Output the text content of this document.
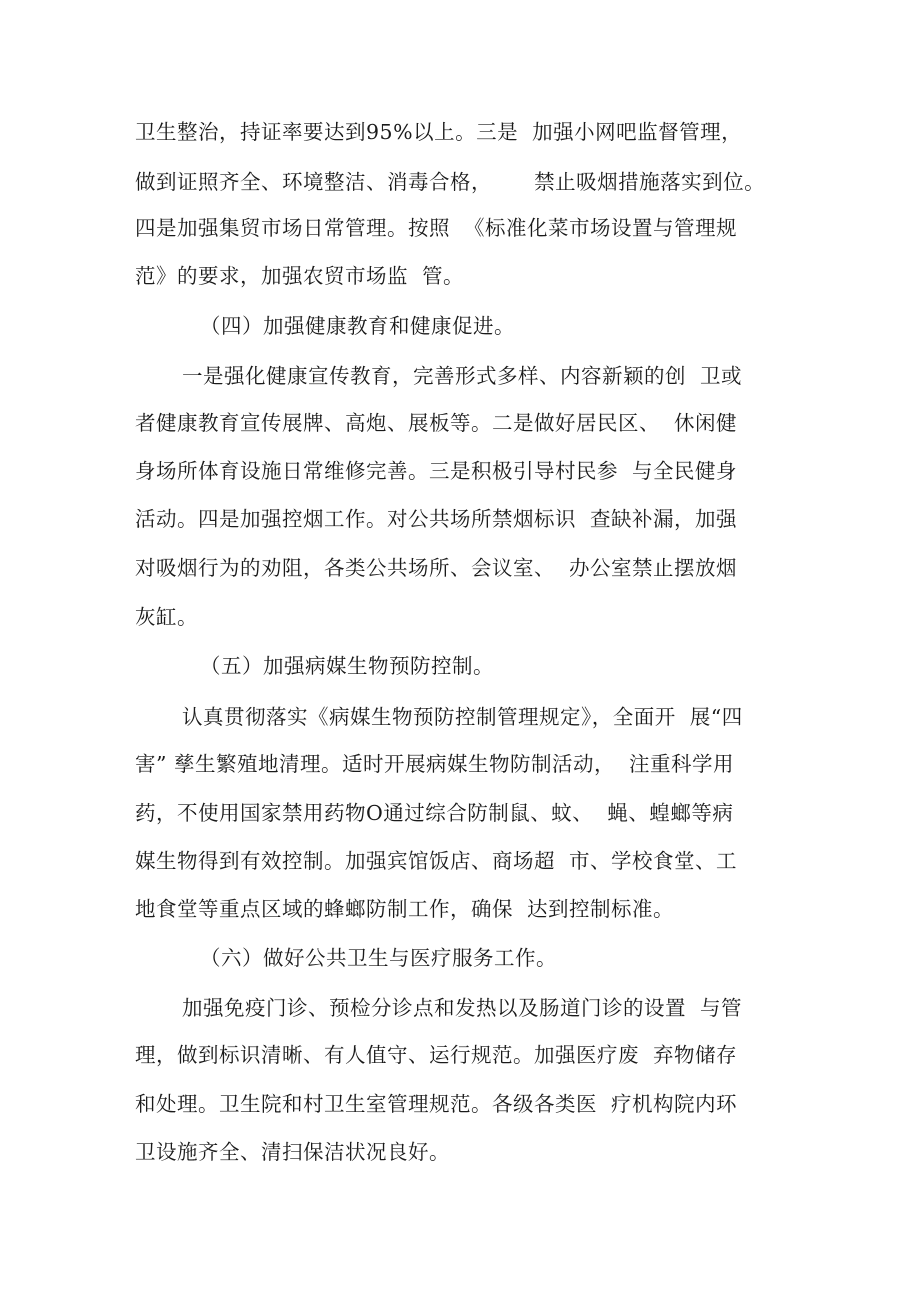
卫生整治，持证率要达到95%以上。三是  加强小网吧监督管理，
做到证照齐全、环境整洁、消毒合格，      禁止吸烟措施落实到位。
四是加强集贸市场日常管理。按照  《标准化菜市场设置与管理规
范》的要求，加强农贸市场监  管。
（四）加强健康教育和健康促进。
一是强化健康宣传教育，完善形式多样、内容新颖的创  卫或
者健康教育宣传展牌、高炮、展板等。二是做好居民区、  休闲健
身场所体育设施日常维修完善。三是积极引导村民参  与全民健身
活动。四是加强控烟工作。对公共场所禁烟标识  查缺补漏，加强
对吸烟行为的劝阻，各类公共场所、会议室、  办公室禁止摆放烟
灰缸。
（五）加强病媒生物预防控制。
认真贯彻落实《病媒生物预防控制管理规定》，全面开  展“四
害” 孳生繁殖地清理。适时开展病媒生物防制活动，  注重科学用
药，不使用国家禁用药物O通过综合防制鼠、蚊、  蝇、蝗螂等病
媒生物得到有效控制。加强宾馆饭店、商场超  市、学校食堂、工
地食堂等重点区域的蜂螂防制工作，确保  达到控制标准。
（六）做好公共卫生与医疗服务工作。
加强免疫门诊、预检分诊点和发热以及肠道门诊的设置  与管
理，做到标识清晰、有人值守、运行规范。加强医疗废  弃物储存
和处理。卫生院和村卫生室管理规范。各级各类医  疗机构院内环
卫设施齐全、清扫保洁状况良好。
